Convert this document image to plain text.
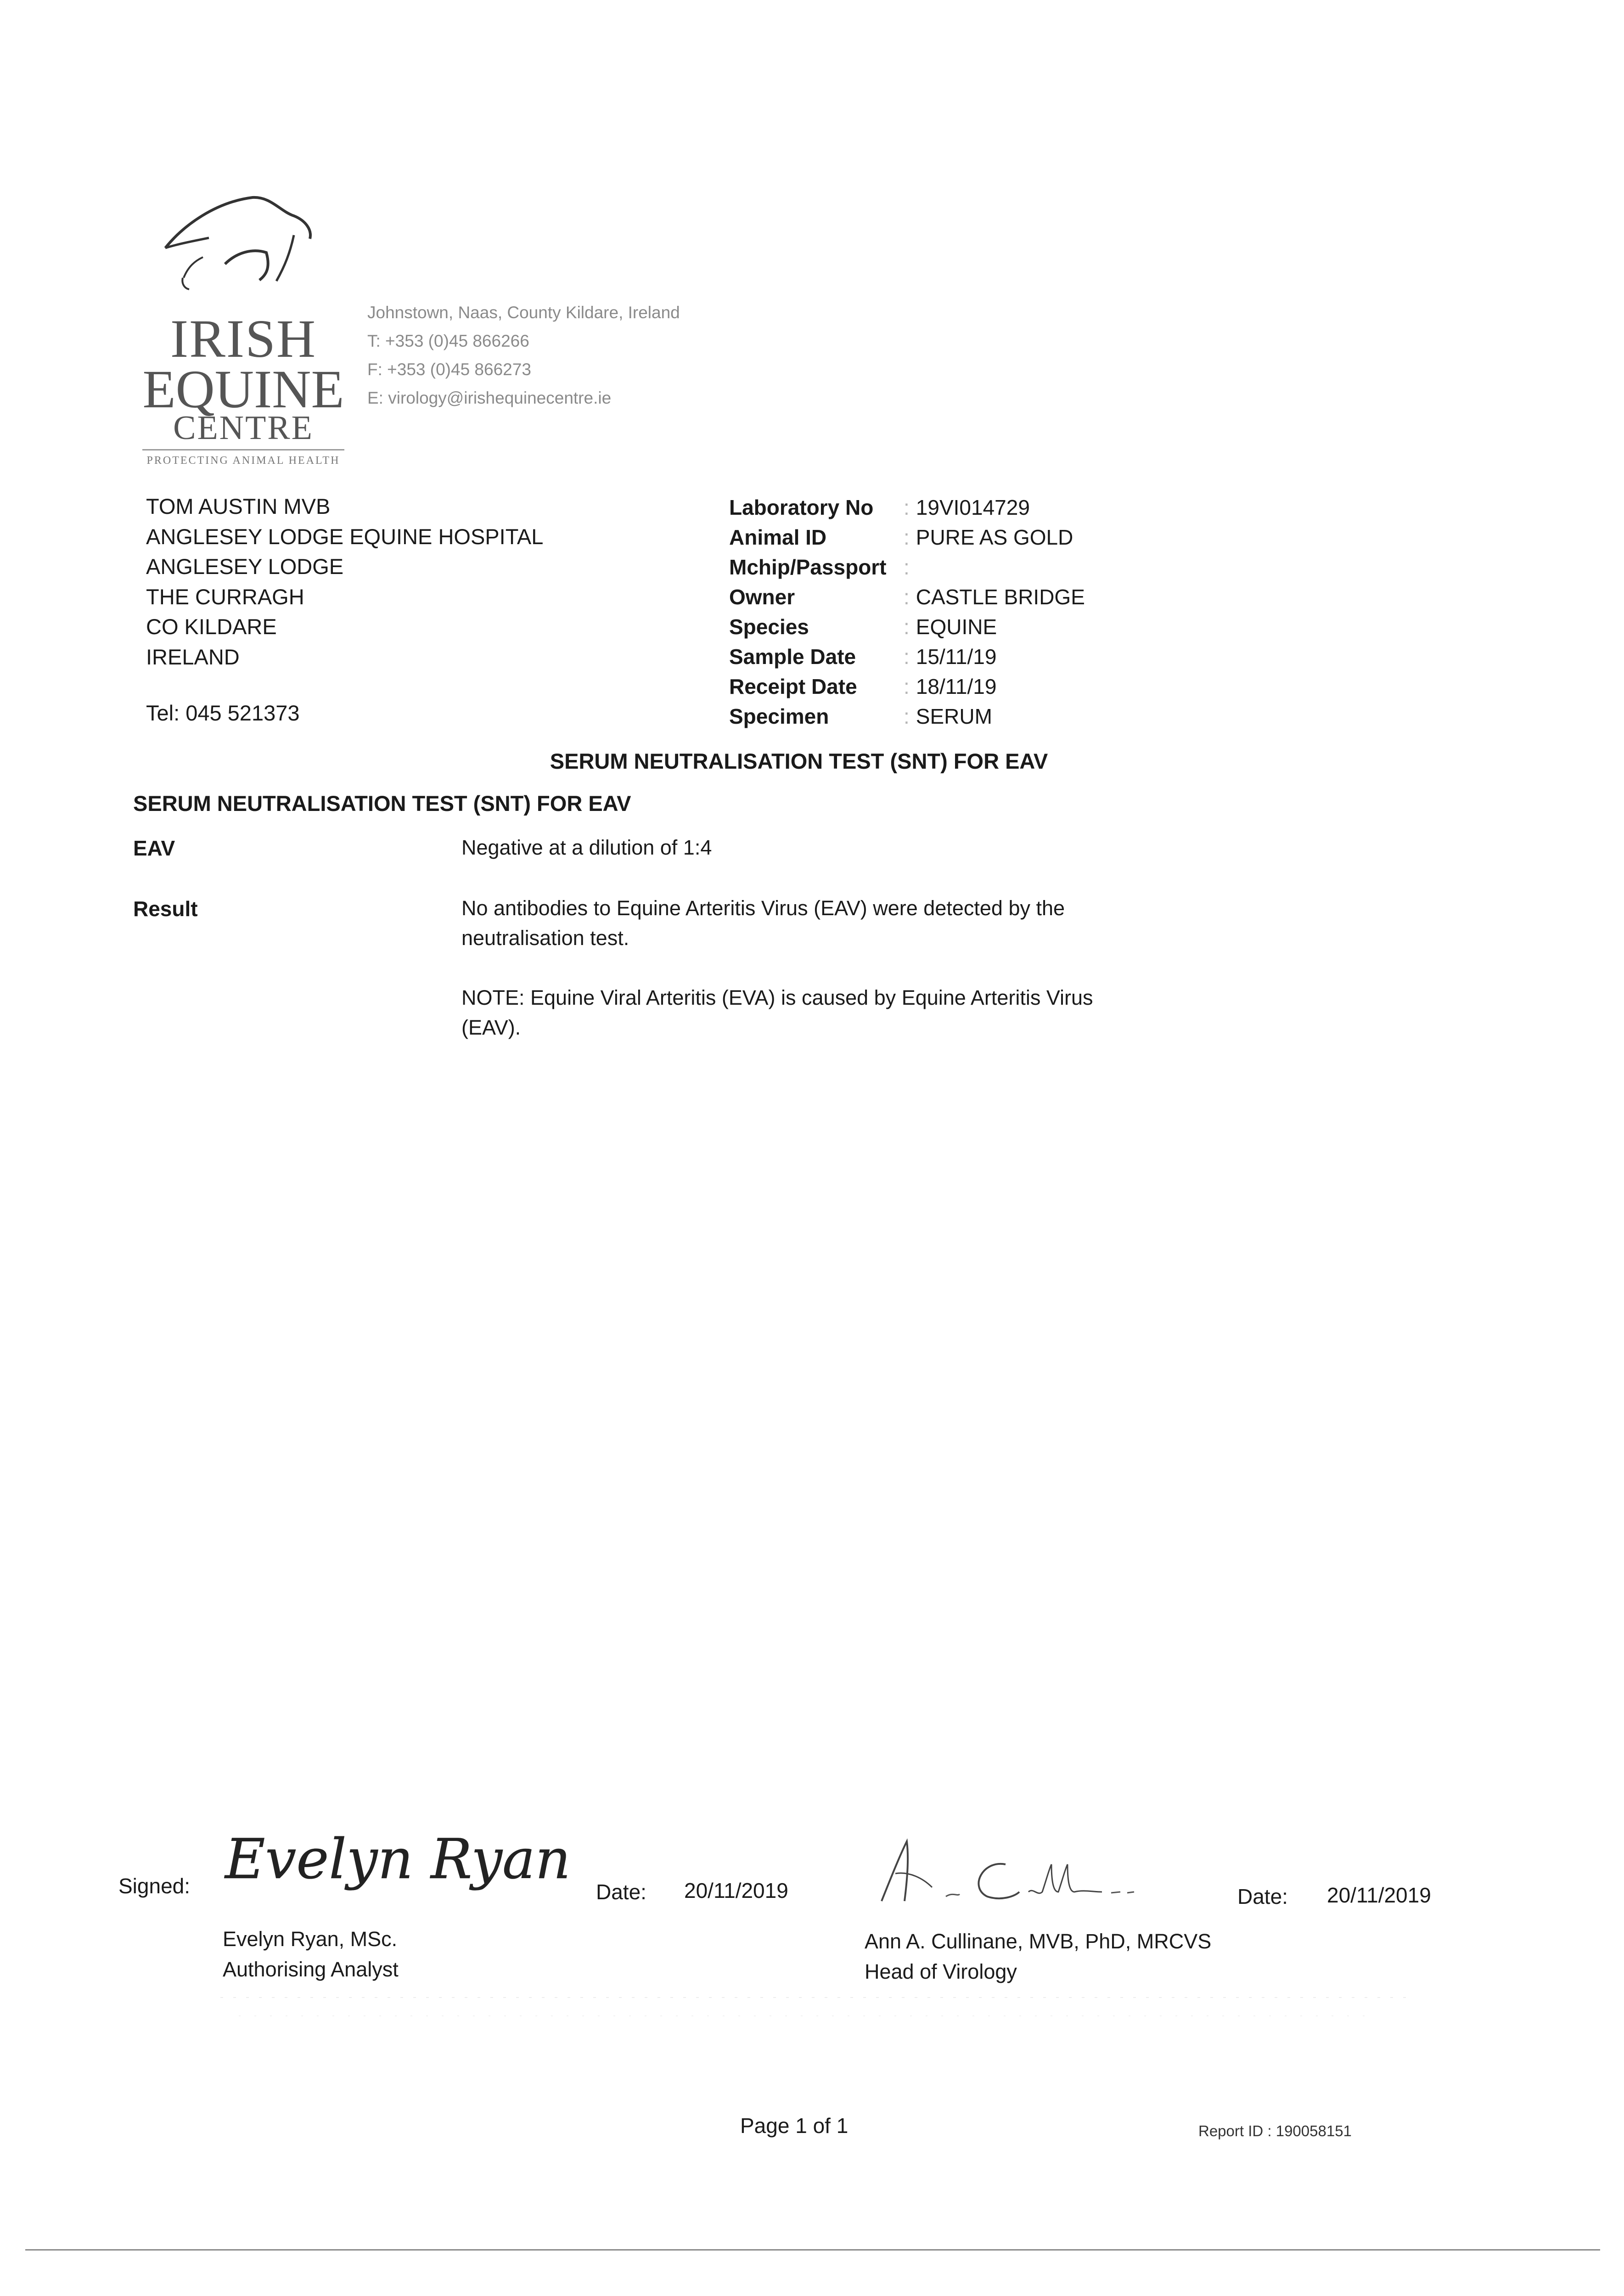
IRISH
EQUINE
CENTRE
PROTECTING ANIMAL HEALTH
Johnstown, Naas, County Kildare, Ireland
T: +353 (0)45 866266
F: +353 (0)45 866273
E: virology@irishequinecentre.ie
TOM AUSTIN MVB
ANGLESEY LODGE EQUINE HOSPITAL
ANGLESEY LODGE
THE CURRAGH
CO KILDARE
IRELAND
Tel: 045 521373
Laboratory No : 19VI014729
Animal ID	: PURE AS GOLD
Mchip/Passport :
Owner	: CASTLE BRIDGE
Species	: EQUINE
Sample Date : 15/11/19
Receipt Date : 18/11/19
Specimen	: SERUM
SERUM NEUTRALISATION TEST (SNT) FOR EAV
SERUM NEUTRALISATION TEST (SNT) FOR EAV
EAV	Negative at a dilution of 1:4
Result	No antibodies to Equine Arteritis Virus (EAV) were detected by the
neutralisation test.
NOTE: Equine Viral Arteritis (EVA) is caused by Equine Arteritis Virus
(EAV).
Signed: Evelyn Ryan
Date: 20/11/2019	Date: 20/11/2019
Evelyn Ryan, MSc.
Authorising Analyst
Ann A. Cullinane, MVB, PhD, MRCVS
Head of Virology
Page 1 of 1	Report ID : 190058151
